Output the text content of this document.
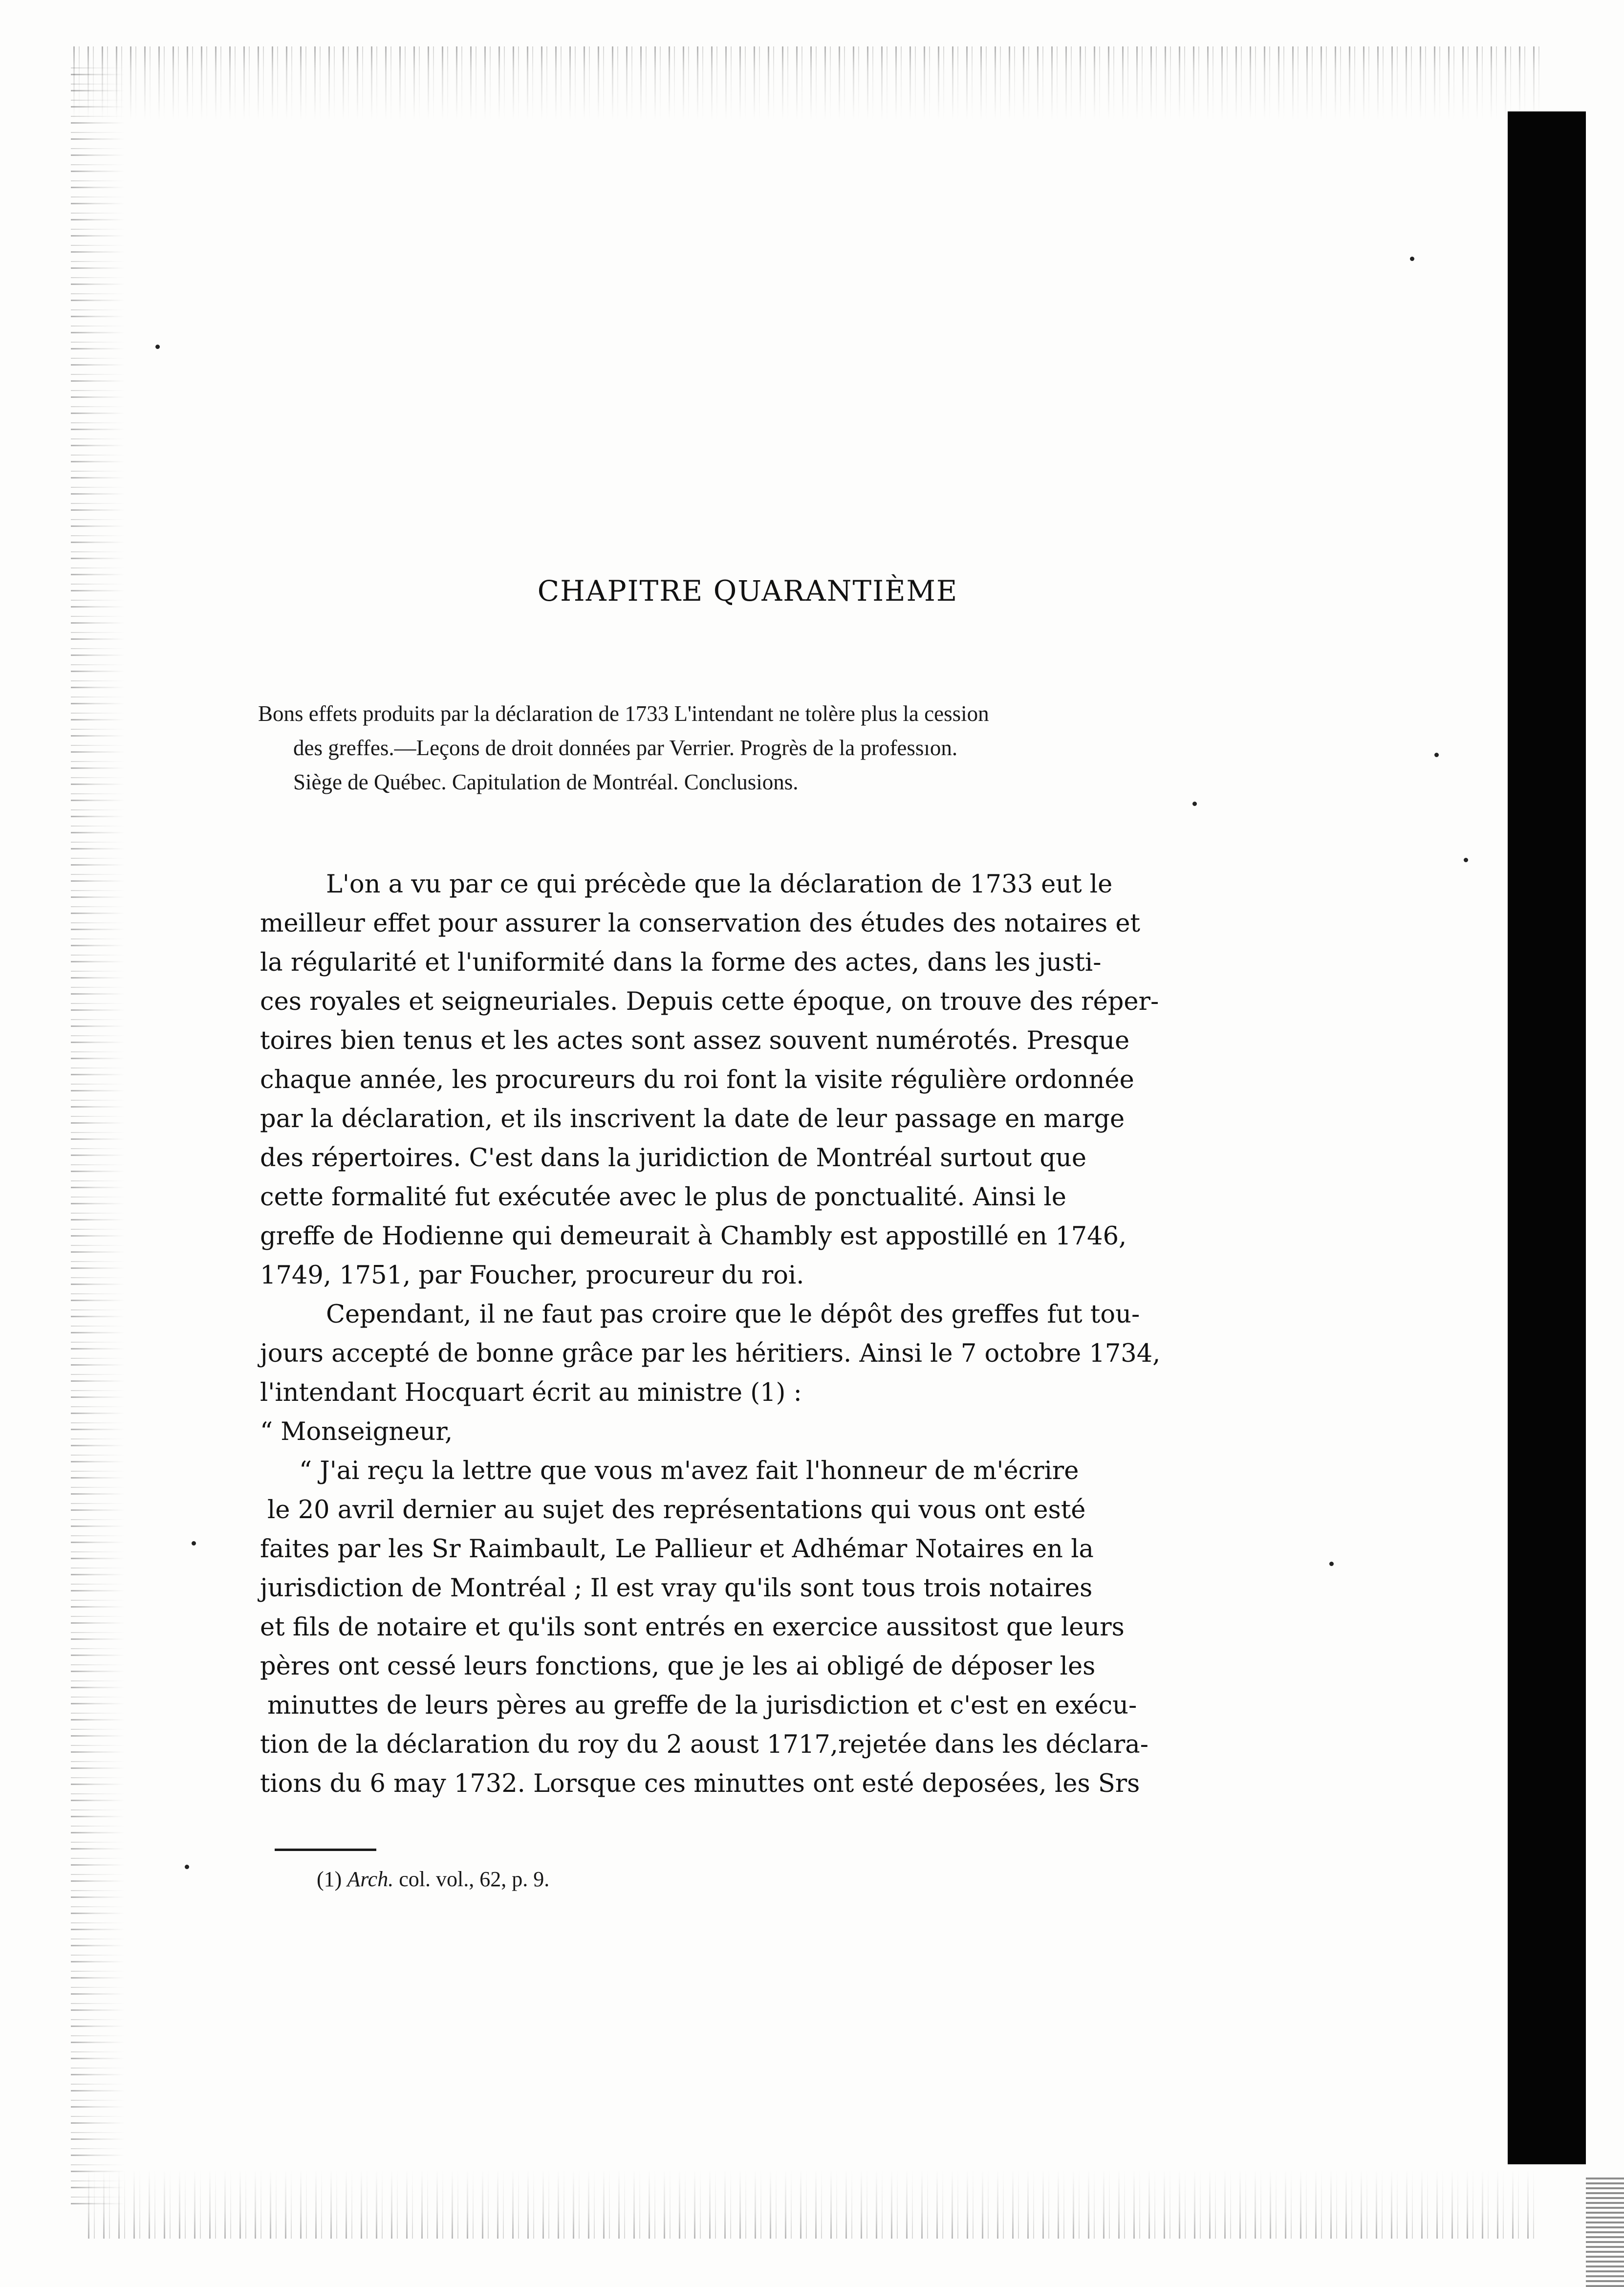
CHAPITRE QUARANTIÈME

Bons effets produits par la déclaration de 1733 L'intendant ne tolère plus la cession
des greffes.—Leçons de droit données par Verrier. Progrès de la professıon.
Siège de Québec. Capitulation de Montréal. Conclusions.

L'on a vu par ce qui précède que la déclaration de 1733 eut le
meilleur effet pour assurer la conservation des études des notaires et
la régularité et l'uniformité dans la forme des actes, dans les justi-
ces royales et seigneuriales. Depuis cette époque, on trouve des réper-
toires bien tenus et les actes sont assez souvent numérotés. Presque
chaque année, les procureurs du roi font la visite régulière ordonnée
par la déclaration, et ils inscrivent la date de leur passage en marge
des répertoires. C'est dans la juridiction de Montréal surtout que
cette formalité fut exécutée avec le plus de ponctualité. Ainsi le
greffe de Hodienne qui demeurait à Chambly est appostillé en 1746,
1749, 1751, par Foucher, procureur du roi.
Cependant, il ne faut pas croire que le dépôt des greffes fut tou-
jours accepté de bonne grâce par les héritiers. Ainsi le 7 octobre 1734,
l'intendant Hocquart écrit au ministre (1) :
“ Monseigneur,
“ J'ai reçu la lettre que vous m'avez fait l'honneur de m'écrire
le 20 avril dernier au sujet des représentations qui vous ont esté
faites par les Sr Raimbault, Le Pallieur et Adhémar Notaires en la
jurisdiction de Montréal ; Il est vray qu'ils sont tous trois notaires
et fils de notaire et qu'ils sont entrés en exercice aussitost que leurs
pères ont cessé leurs fonctions, que je les ai obligé de déposer les
minuttes de leurs pères au greffe de la jurisdiction et c'est en exécu-
tion de la déclaration du roy du 2 aoust 1717,rejetée dans les déclara-
tions du 6 may 1732. Lorsque ces minuttes ont esté deposées, les Srs
(1) Arch. col. vol., 62, p. 9.
